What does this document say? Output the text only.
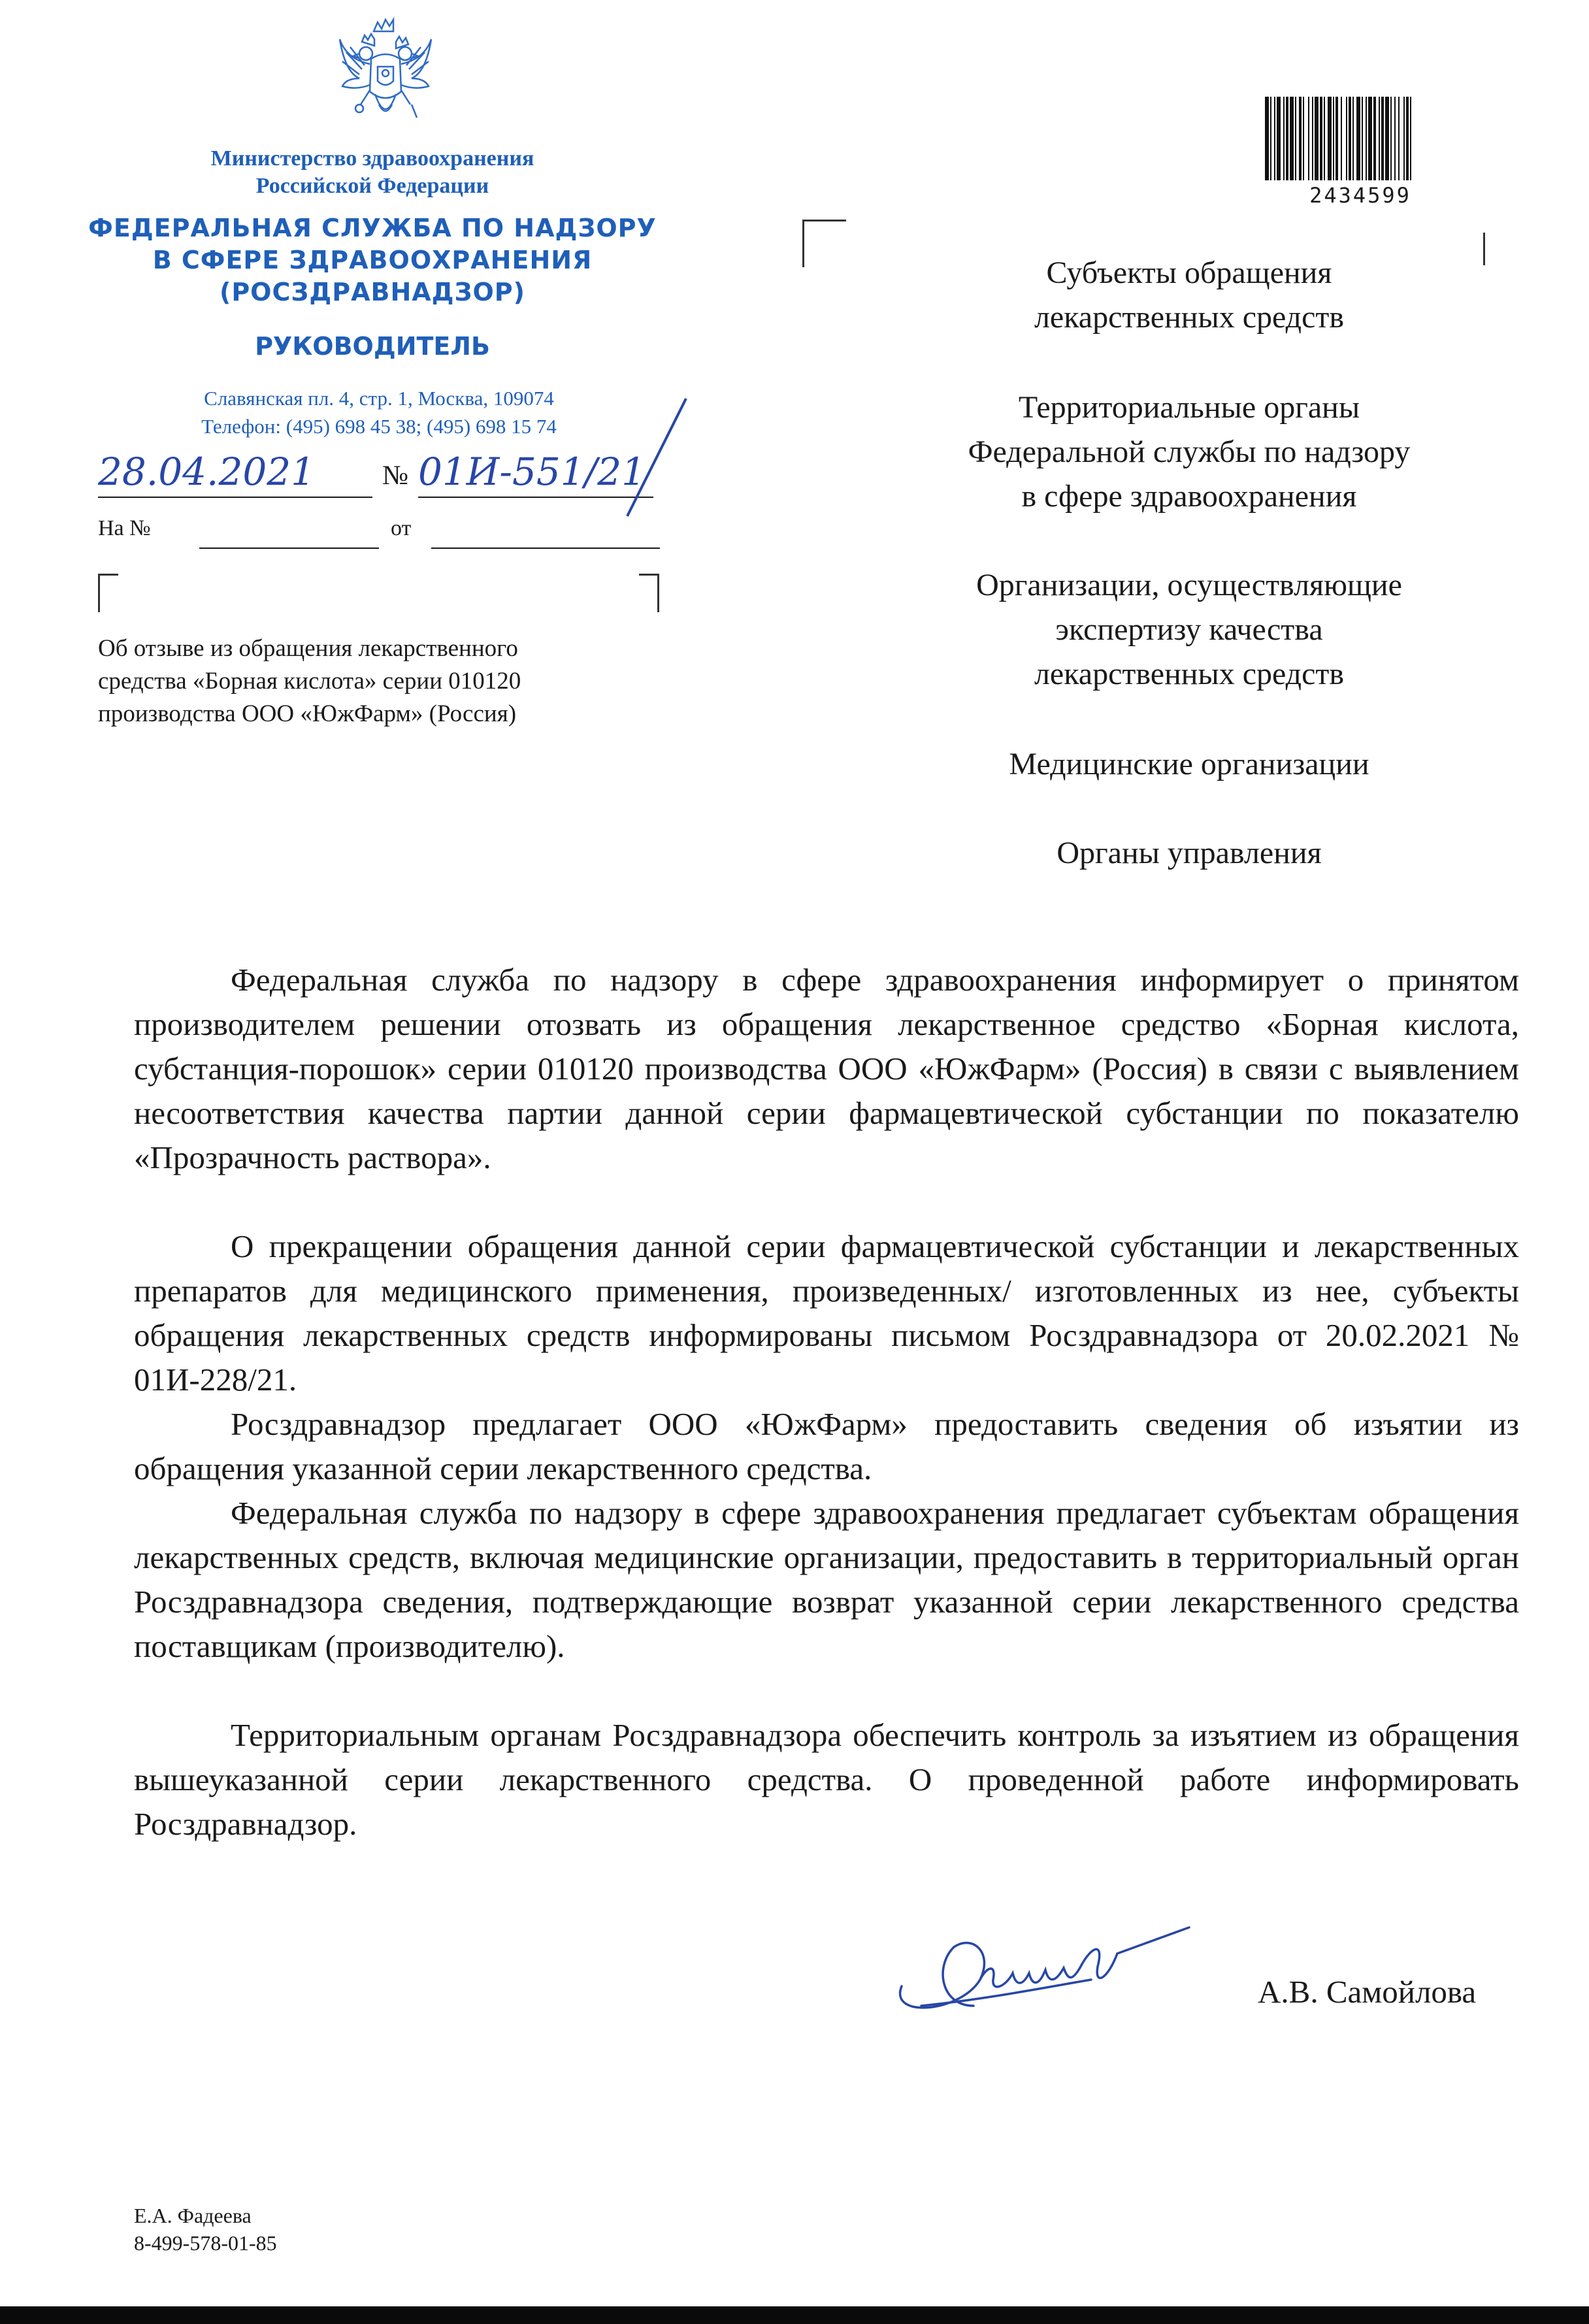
Министерство здравоохранения
Российской Федерации
ФЕДЕРАЛЬНАЯ СЛУЖБА ПО НАДЗОРУ
В СФЕРЕ ЗДРАВООХРАНЕНИЯ
(РОСЗДРАВНАДЗОР)
РУКОВОДИТЕЛЬ
Славянская пл. 4, стр. 1, Москва, 109074
Телефон: (495) 698 45 38; (495) 698 15 74
28.04.2021 № 01И-551/21
На №	от
Об отзыве из обращения лекарственного
средства «Борная кислота» серии 010120
производства ООО «ЮжФарм» (Россия)
2434599
Субъекты обращения
лекарственных средств
Территориальные органы
Федеральной службы по надзору
в сфере здравоохранения
Организации, осуществляющие
экспертизу качества
лекарственных средств
Медицинские организации
Органы управления
Федеральная служба по надзору в сфере здравоохранения информирует о принятом производителем решении отозвать из обращения лекарственное средство «Борная кислота, субстанция-порошок» серии 010120 производства ООО «ЮжФарм» (Россия) в связи с выявлением несоответствия качества партии данной серии фармацевтической субстанции по показателю «Прозрачность раствора».
О прекращении обращения данной серии фармацевтической субстанции и лекарственных препаратов для медицинского применения, произведенных/ изготовленных из нее, субъекты обращения лекарственных средств информированы письмом Росздравнадзора от 20.02.2021 № 01И-228/21.
Росздравнадзор предлагает ООО «ЮжФарм» предоставить сведения об изъятии из обращения указанной серии лекарственного средства.
Федеральная служба по надзору в сфере здравоохранения предлагает субъектам обращения лекарственных средств, включая медицинские организации, предоставить в территориальный орган Росздравнадзора сведения, подтверждающие возврат указанной серии лекарственного средства поставщикам (производителю).
Территориальным органам Росздравнадзора обеспечить контроль за изъятием из обращения вышеуказанной серии лекарственного средства. О проведенной работе информировать Росздравнадзор.
А.В. Самойлова
Е.А. Фадеева
8-499-578-01-85
